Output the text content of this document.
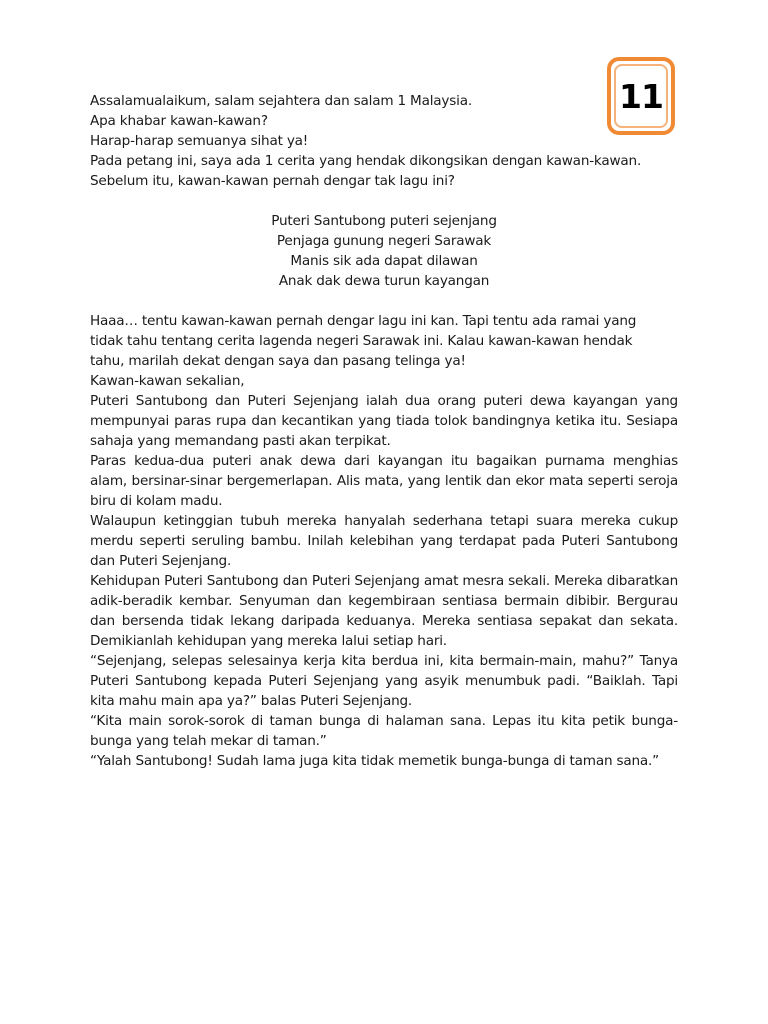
11
Assalamualaikum, salam sejahtera dan salam 1 Malaysia.
Apa khabar kawan-kawan?
Harap-harap semuanya sihat ya!
Pada petang ini, saya ada 1 cerita yang hendak dikongsikan dengan kawan-kawan.
Sebelum itu, kawan-kawan pernah dengar tak lagu ini?
Puteri Santubong puteri sejenjang
Penjaga gunung negeri Sarawak
Manis sik ada dapat dilawan
Anak dak dewa turun kayangan
Haaa… tentu kawan-kawan pernah dengar lagu ini kan. Tapi tentu ada ramai yang
tidak tahu tentang cerita lagenda negeri Sarawak ini. Kalau kawan-kawan hendak
tahu, marilah dekat dengan saya dan pasang telinga ya!
Kawan-kawan sekalian,

Puteri Santubong dan Puteri Sejenjang ialah dua orang puteri dewa kayangan yang mempunyai paras rupa dan kecantikan yang tiada tolok bandingnya ketika itu. Sesiapa sahaja yang memandang pasti akan terpikat.

Paras kedua-dua puteri anak dewa dari kayangan itu bagaikan purnama menghias alam, bersinar-sinar bergemerlapan. Alis mata, yang lentik dan ekor mata seperti seroja biru di kolam madu.

Walaupun ketinggian tubuh mereka hanyalah sederhana tetapi suara mereka cukup merdu seperti seruling bambu. Inilah kelebihan yang terdapat pada Puteri Santubong dan Puteri Sejenjang.

Kehidupan Puteri Santubong dan Puteri Sejenjang amat mesra sekali. Mereka dibaratkan adik-beradik kembar. Senyuman dan kegembiraan sentiasa bermain dibibir. Bergurau dan bersenda tidak lekang daripada keduanya. Mereka sentiasa sepakat dan sekata. Demikianlah kehidupan yang mereka lalui setiap hari.

“Sejenjang, selepas selesainya kerja kita berdua ini, kita bermain-main, mahu?” Tanya Puteri Santubong kepada Puteri Sejenjang yang asyik menumbuk padi. “Baiklah. Tapi kita mahu main apa ya?” balas Puteri Sejenjang.

“Kita main sorok-sorok di taman bunga di halaman sana. Lepas itu kita petik bunga-bunga yang telah mekar di taman.”

“Yalah Santubong! Sudah lama juga kita tidak memetik bunga-bunga di taman sana.”
